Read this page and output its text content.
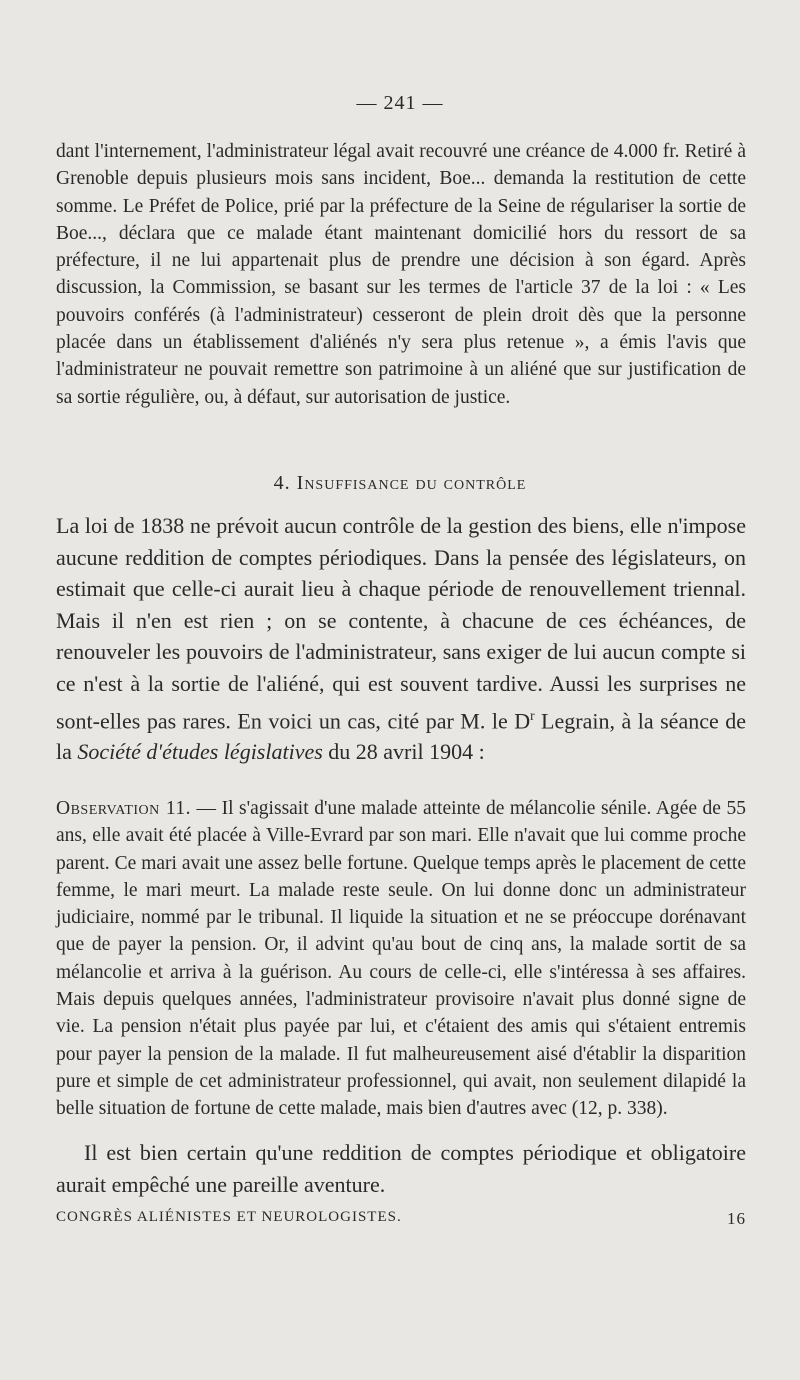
— 241 —
dant l'internement, l'administrateur légal avait recouvré une créance de 4.000 fr. Retiré à Grenoble depuis plusieurs mois sans incident, Boe... demanda la restitution de cette somme. Le Préfet de Police, prié par la préfecture de la Seine de régulariser la sortie de Boe..., déclara que ce malade étant maintenant domicilié hors du ressort de sa préfecture, il ne lui appartenait plus de prendre une décision à son égard. Après discussion, la Commission, se basant sur les termes de l'article 37 de la loi : « Les pouvoirs conférés (à l'administrateur) cesseront de plein droit dès que la personne placée dans un établissement d'aliénés n'y sera plus retenue », a émis l'avis que l'administrateur ne pouvait remettre son patrimoine à un aliéné que sur justification de sa sortie régulière, ou, à défaut, sur autorisation de justice.
4. Insuffisance du contrôle
La loi de 1838 ne prévoit aucun contrôle de la gestion des biens, elle n'impose aucune reddition de comptes périodiques. Dans la pensée des législateurs, on estimait que celle-ci aurait lieu à chaque période de renouvellement triennal. Mais il n'en est rien ; on se contente, à chacune de ces échéances, de renouveler les pouvoirs de l'administrateur, sans exiger de lui aucun compte si ce n'est à la sortie de l'aliéné, qui est souvent tardive. Aussi les surprises ne sont-elles pas rares. En voici un cas, cité par M. le $D^r$ Legrain, à la séance de la Société d'études législatives du 28 avril 1904 :
Observation 11. — Il s'agissait d'une malade atteinte de mélancolie sénile. Agée de 55 ans, elle avait été placée à Ville-Evrard par son mari. Elle n'avait que lui comme proche parent. Ce mari avait une assez belle fortune. Quelque temps après le placement de cette femme, le mari meurt. La malade reste seule. On lui donne donc un administrateur judiciaire, nommé par le tribunal. Il liquide la situation et ne se préoccupe dorénavant que de payer la pension. Or, il advint qu'au bout de cinq ans, la malade sortit de sa mélancolie et arriva à la guérison. Au cours de celle-ci, elle s'intéressa à ses affaires. Mais depuis quelques années, l'administrateur provisoire n'avait plus donné signe de vie. La pension n'était plus payée par lui, et c'étaient des amis qui s'étaient entremis pour payer la pension de la malade. Il fut malheureusement aisé d'établir la disparition pure et simple de cet administrateur professionnel, qui avait, non seulement dilapidé la belle situation de fortune de cette malade, mais bien d'autres avec (12, p. 338).
Il est bien certain qu'une reddition de comptes périodique et obligatoire aurait empêché une pareille aventure.
CONGRÈS ALIÉNISTES ET NEUROLOGISTES.	16
